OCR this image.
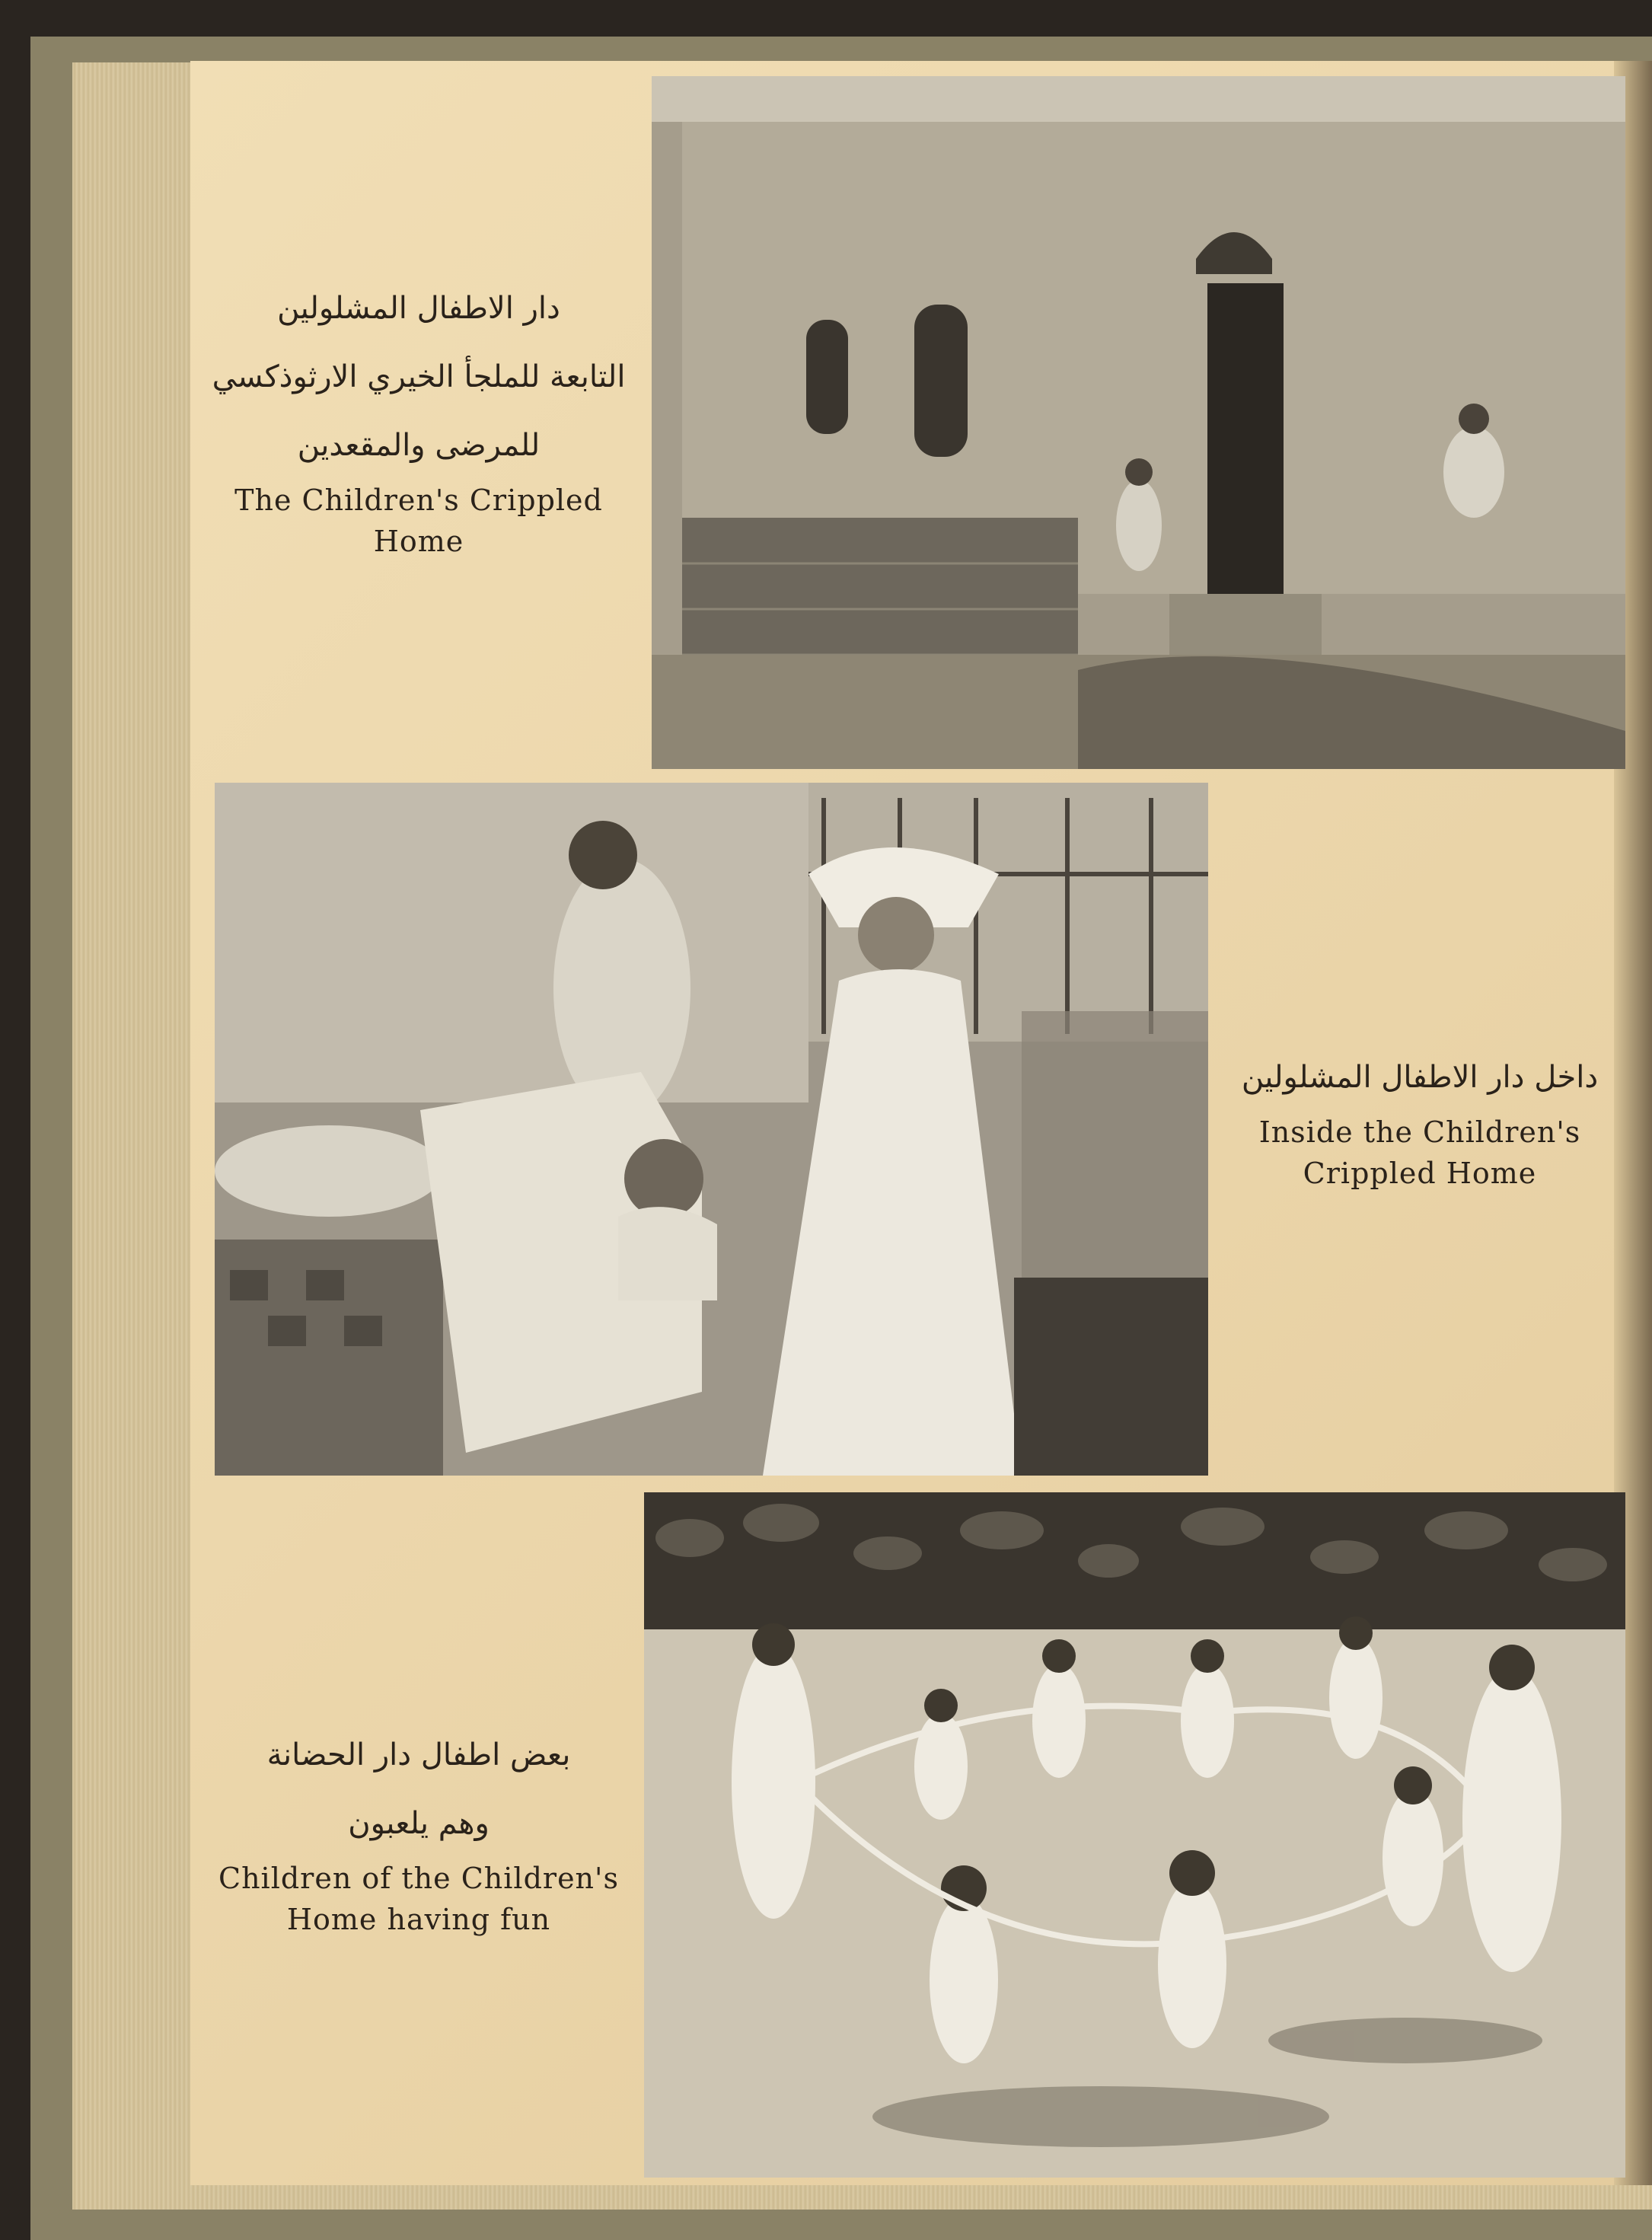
دار الاطفال المشلولين
التابعة للملجأ الخيري الارثوذكسي
للمرضى والمقعدين
The Children's Crippled
Home
داخل دار الاطفال المشلولين
Inside the Children's
Crippled Home
بعض اطفال دار الحضانة
وهم يلعبون
Children of the Children's
Home having fun
